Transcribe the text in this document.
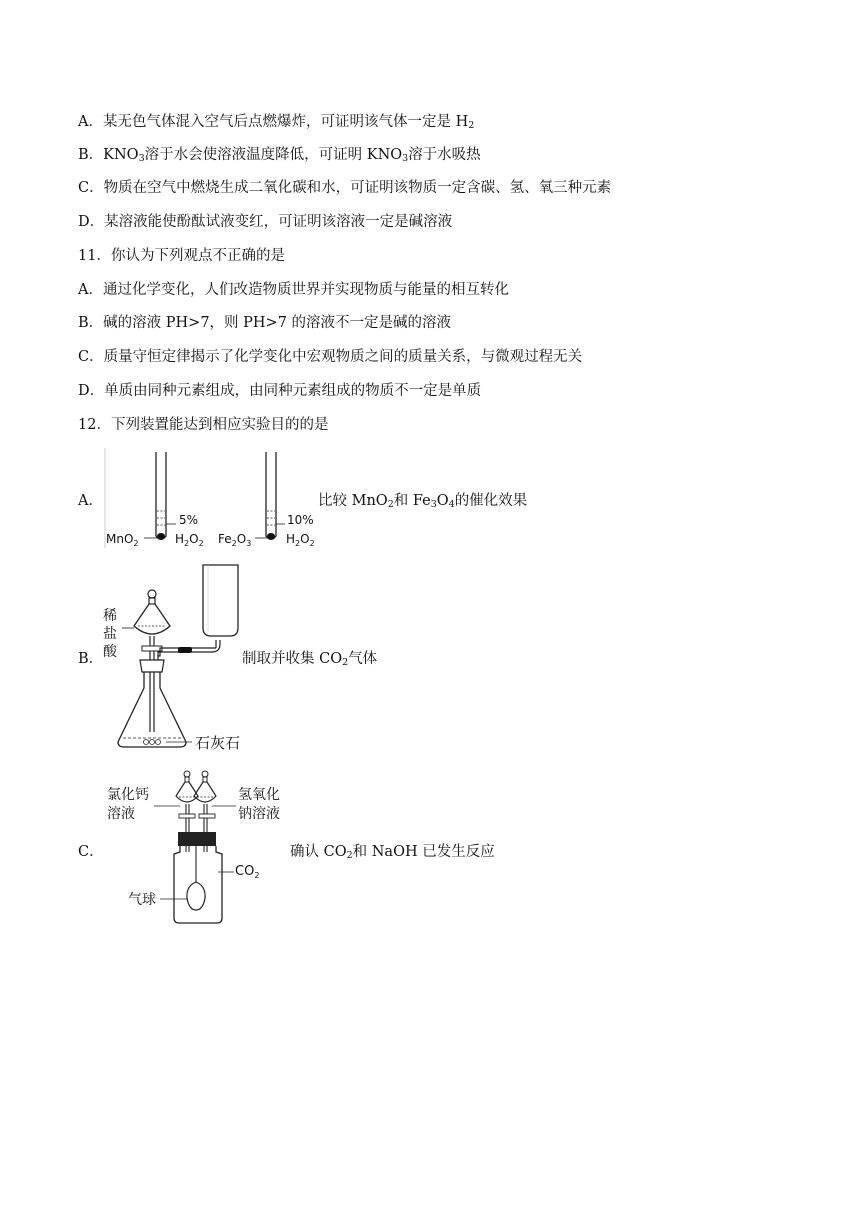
A．某无色气体混入空气后点燃爆炸，可证明该气体一定是 $H_2$
B．$KNO_3$溶于水会使溶液温度降低，可证明 $KNO_3$溶于水吸热
C．物质在空气中燃烧生成二氧化碳和水，可证明该物质一定含碳、氢、氧三种元素
D．某溶液能使酚酞试液变红，可证明该溶液一定是碱溶液
11．你认为下列观点不正确的是
A．通过化学变化，人们改造物质世界并实现物质与能量的相互转化
B．碱的溶液 PH>7，则 PH>7 的溶液不一定是碱的溶液
C．质量守恒定律揭示了化学变化中宏观物质之间的质量关系，与微观过程无关
D．单质由同种元素组成，由同种元素组成的物质不一定是单质
12．下列装置能达到相应实验目的的是
A．
5%
MnO$_2$	$H_2O_2$
10%
$Fe_2O_3$	$H_2O_2$
比较 MnO$_2$和 $Fe_3O_4$的催化效果
B．
稀
盐
酸
石灰石
制取并收集 $CO_2$气体
C．
氯化钙
溶液
氢氧化
钠溶液
$CO_2$
气球
确认 $CO_2$和 NaOH 已发生反应
